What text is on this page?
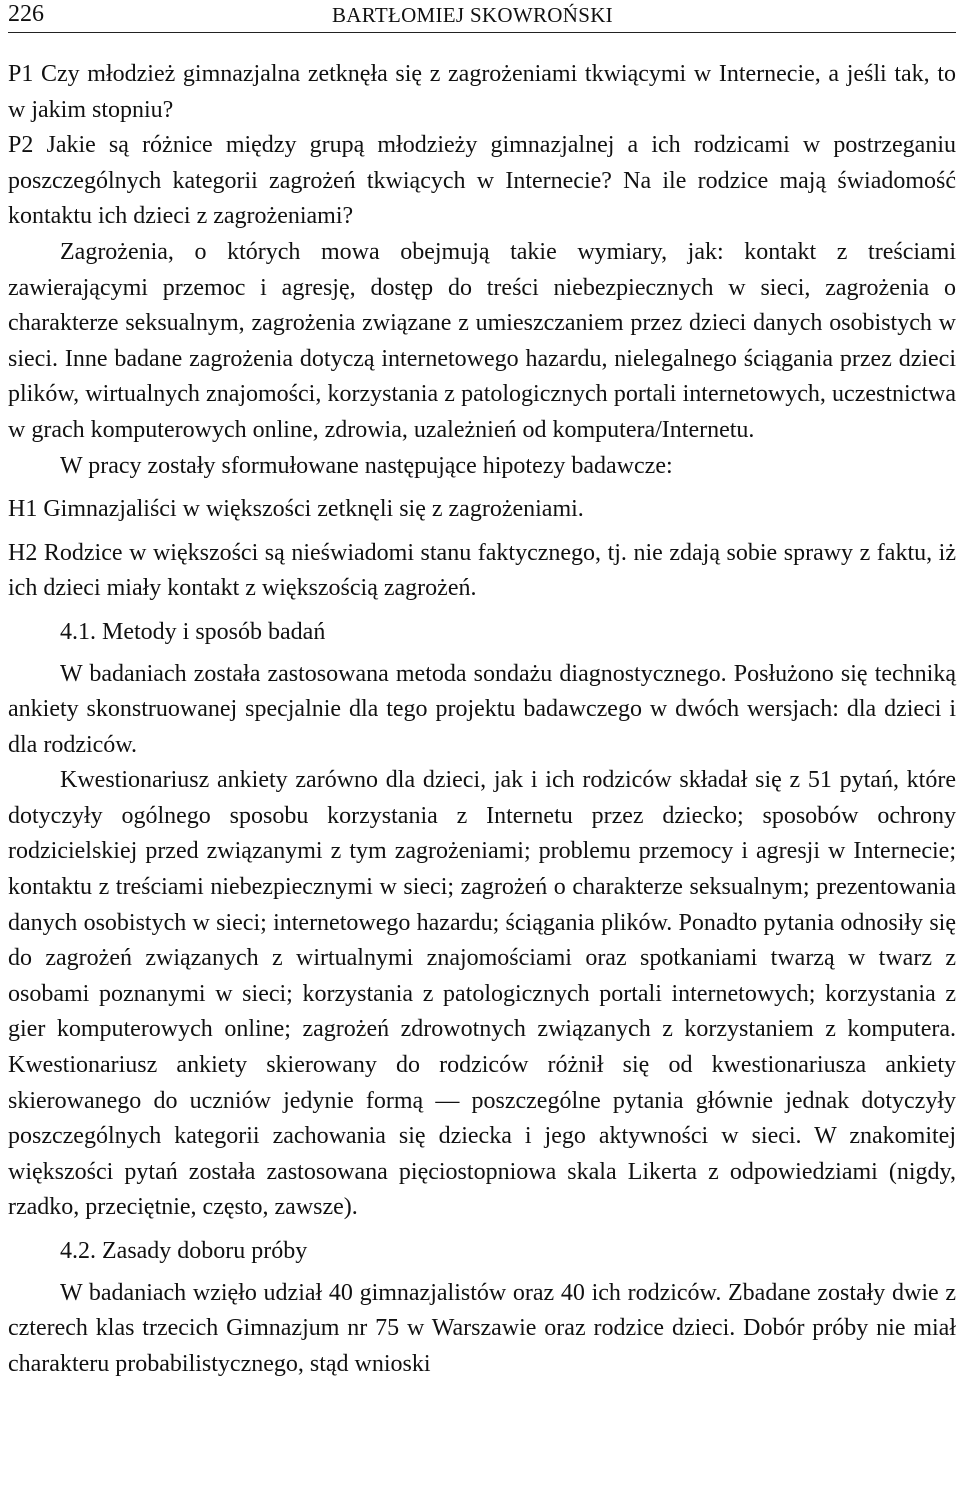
226	BARTŁOMIEJ SKOWROŃSKI

P1 Czy młodzież gimnazjalna zetknęła się z zagrożeniami tkwiącymi w Internecie, a jeśli tak, to w jakim stopniu?

P2 Jakie są różnice między grupą młodzieży gimnazjalnej a ich rodzicami w postrzeganiu poszczególnych kategorii zagrożeń tkwiących w Internecie? Na ile rodzice mają świadomość kontaktu ich dzieci z zagrożeniami?

Zagrożenia, o których mowa obejmują takie wymiary, jak: kontakt z treściami zawierającymi przemoc i agresję, dostęp do treści niebezpiecznych w sieci, zagrożenia o charakterze seksualnym, zagrożenia związane z umieszczaniem przez dzieci danych osobistych w sieci. Inne badane zagrożenia dotyczą internetowego hazardu, nielegalnego ściągania przez dzieci plików, wirtualnych znajomości, korzystania z patologicznych portali internetowych, uczestnictwa w grach komputerowych online, zdrowia, uzależnień od komputera/Internetu.

W pracy zostały sformułowane następujące hipotezy badawcze:

H1 Gimnazjaliści w większości zetknęli się z zagrożeniami.

H2 Rodzice w większości są nieświadomi stanu faktycznego, tj. nie zdają sobie sprawy z faktu, iż ich dzieci miały kontakt z większością zagrożeń.

4.1. Metody i sposób badań

W badaniach została zastosowana metoda sondażu diagnostycznego. Posłużono się techniką ankiety skonstruowanej specjalnie dla tego projektu badawczego w dwóch wersjach: dla dzieci i dla rodziców.

Kwestionariusz ankiety zarówno dla dzieci, jak i ich rodziców składał się z 51 pytań, które dotyczyły ogólnego sposobu korzystania z Internetu przez dziecko; sposobów ochrony rodzicielskiej przed związanymi z tym zagrożeniami; problemu przemocy i agresji w Internecie; kontaktu z treściami niebezpiecznymi w sieci; zagrożeń o charakterze seksualnym; prezentowania danych osobistych w sieci; internetowego hazardu; ściągania plików. Ponadto pytania odnosiły się do zagrożeń związanych z wirtualnymi znajomościami oraz spotkaniami twarzą w twarz z osobami poznanymi w sieci; korzystania z patologicznych portali internetowych; korzystania z gier komputerowych online; zagrożeń zdrowotnych związanych z korzystaniem z komputera. Kwestionariusz ankiety skierowany do rodziców różnił się od kwestionariusza ankiety skierowanego do uczniów jedynie formą — poszczególne pytania głównie jednak dotyczyły poszczególnych kategorii zachowania się dziecka i jego aktywności w sieci. W znakomitej większości pytań została zastosowana pięciostopniowa skala Likerta z odpowiedziami (nigdy, rzadko, przeciętnie, często, zawsze).

4.2. Zasady doboru próby

W badaniach wzięło udział 40 gimnazjalistów oraz 40 ich rodziców. Zbadane zostały dwie z czterech klas trzecich Gimnazjum nr 75 w Warszawie oraz rodzice dzieci. Dobór próby nie miał charakteru probabilistycznego, stąd wnioski
